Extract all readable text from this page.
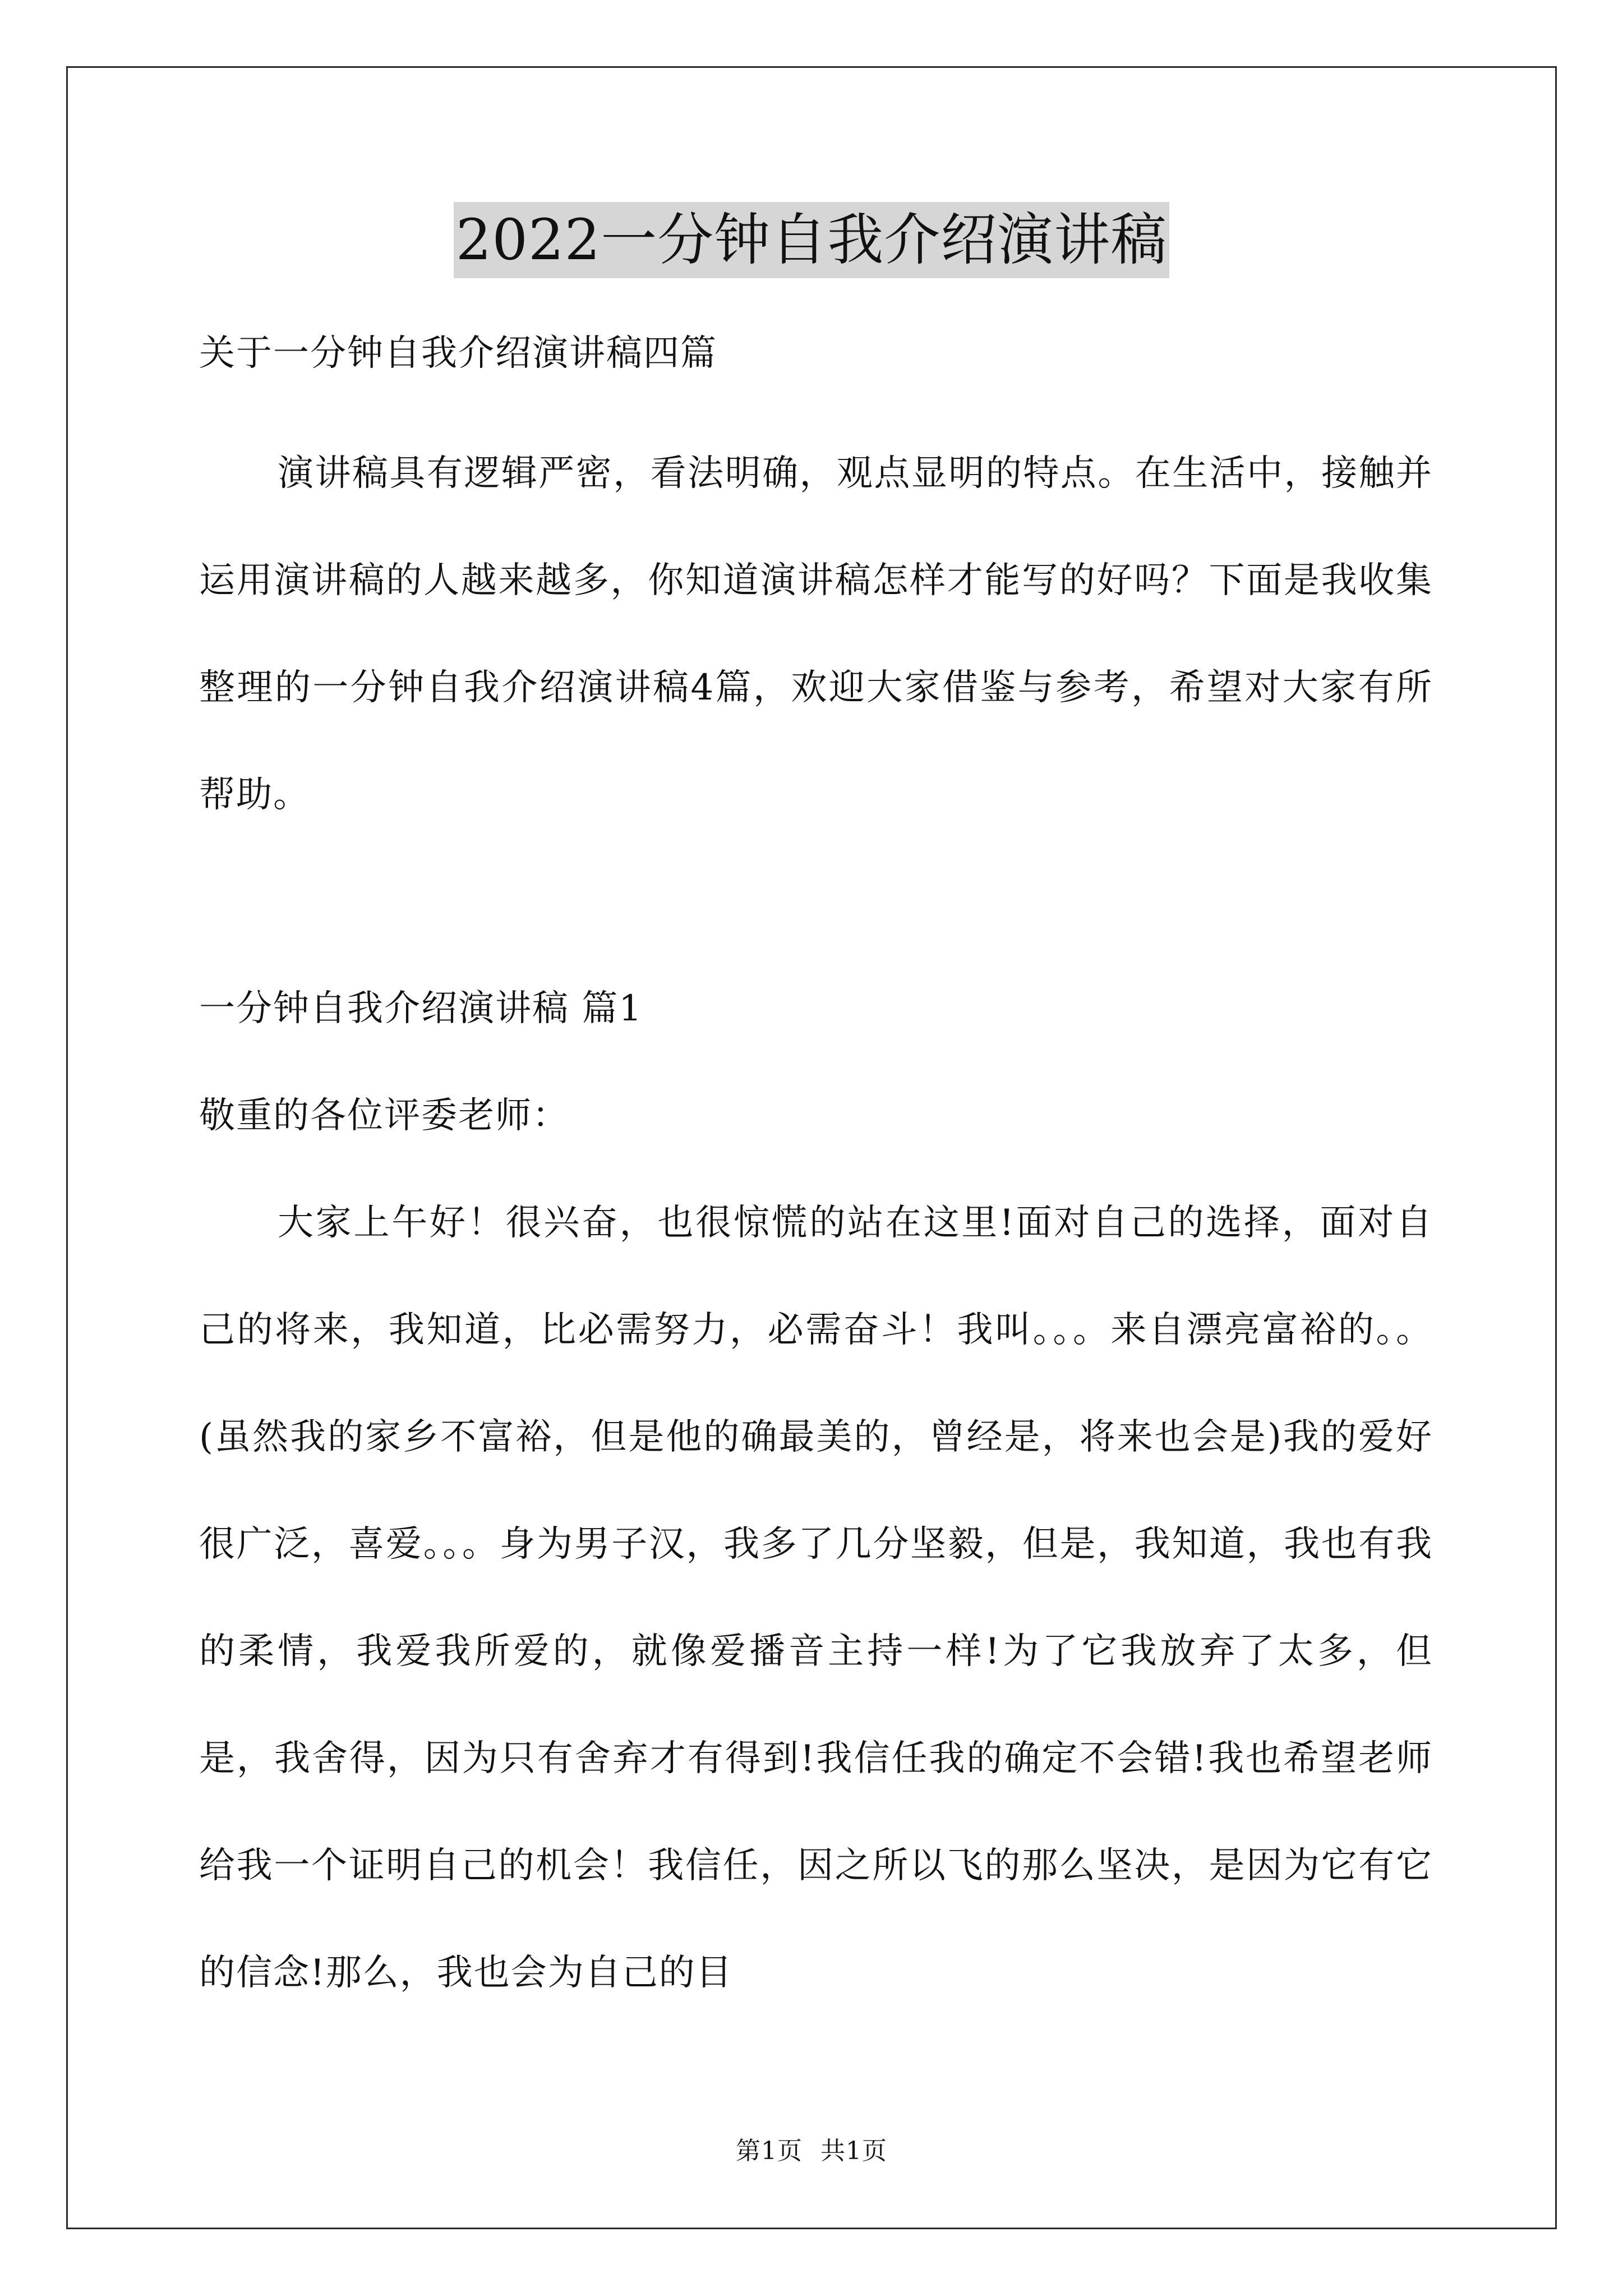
2022一分钟自我介绍演讲稿

关于一分钟自我介绍演讲稿四篇

演讲稿具有逻辑严密，看法明确，观点显明的特点。在生活中，接触并运用演讲稿的人越来越多，你知道演讲稿怎样才能写的好吗？下面是我收集整理的一分钟自我介绍演讲稿4篇，欢迎大家借鉴与参考，希望对大家有所帮助。

一分钟自我介绍演讲稿 篇1

敬重的各位评委老师：

大家上午好！很兴奋，也很惊慌的站在这里!面对自己的选择，面对自己的将来，我知道，比必需努力，必需奋斗！我叫。。。来自漂亮富裕的。。(虽然我的家乡不富裕，但是他的确最美的，曾经是，将来也会是)我的爱好很广泛，喜爱。。。身为男子汉，我多了几分坚毅，但是，我知道，我也有我的柔情，我爱我所爱的，就像爱播音主持一样!为了它我放弃了太多，但是，我舍得，因为只有舍弃才有得到!我信任我的确定不会错!我也希望老师给我一个证明自己的机会！我信任，因之所以飞的那么坚决，是因为它有它的信念!那么，我也会为自己的目

第1页 共1页
